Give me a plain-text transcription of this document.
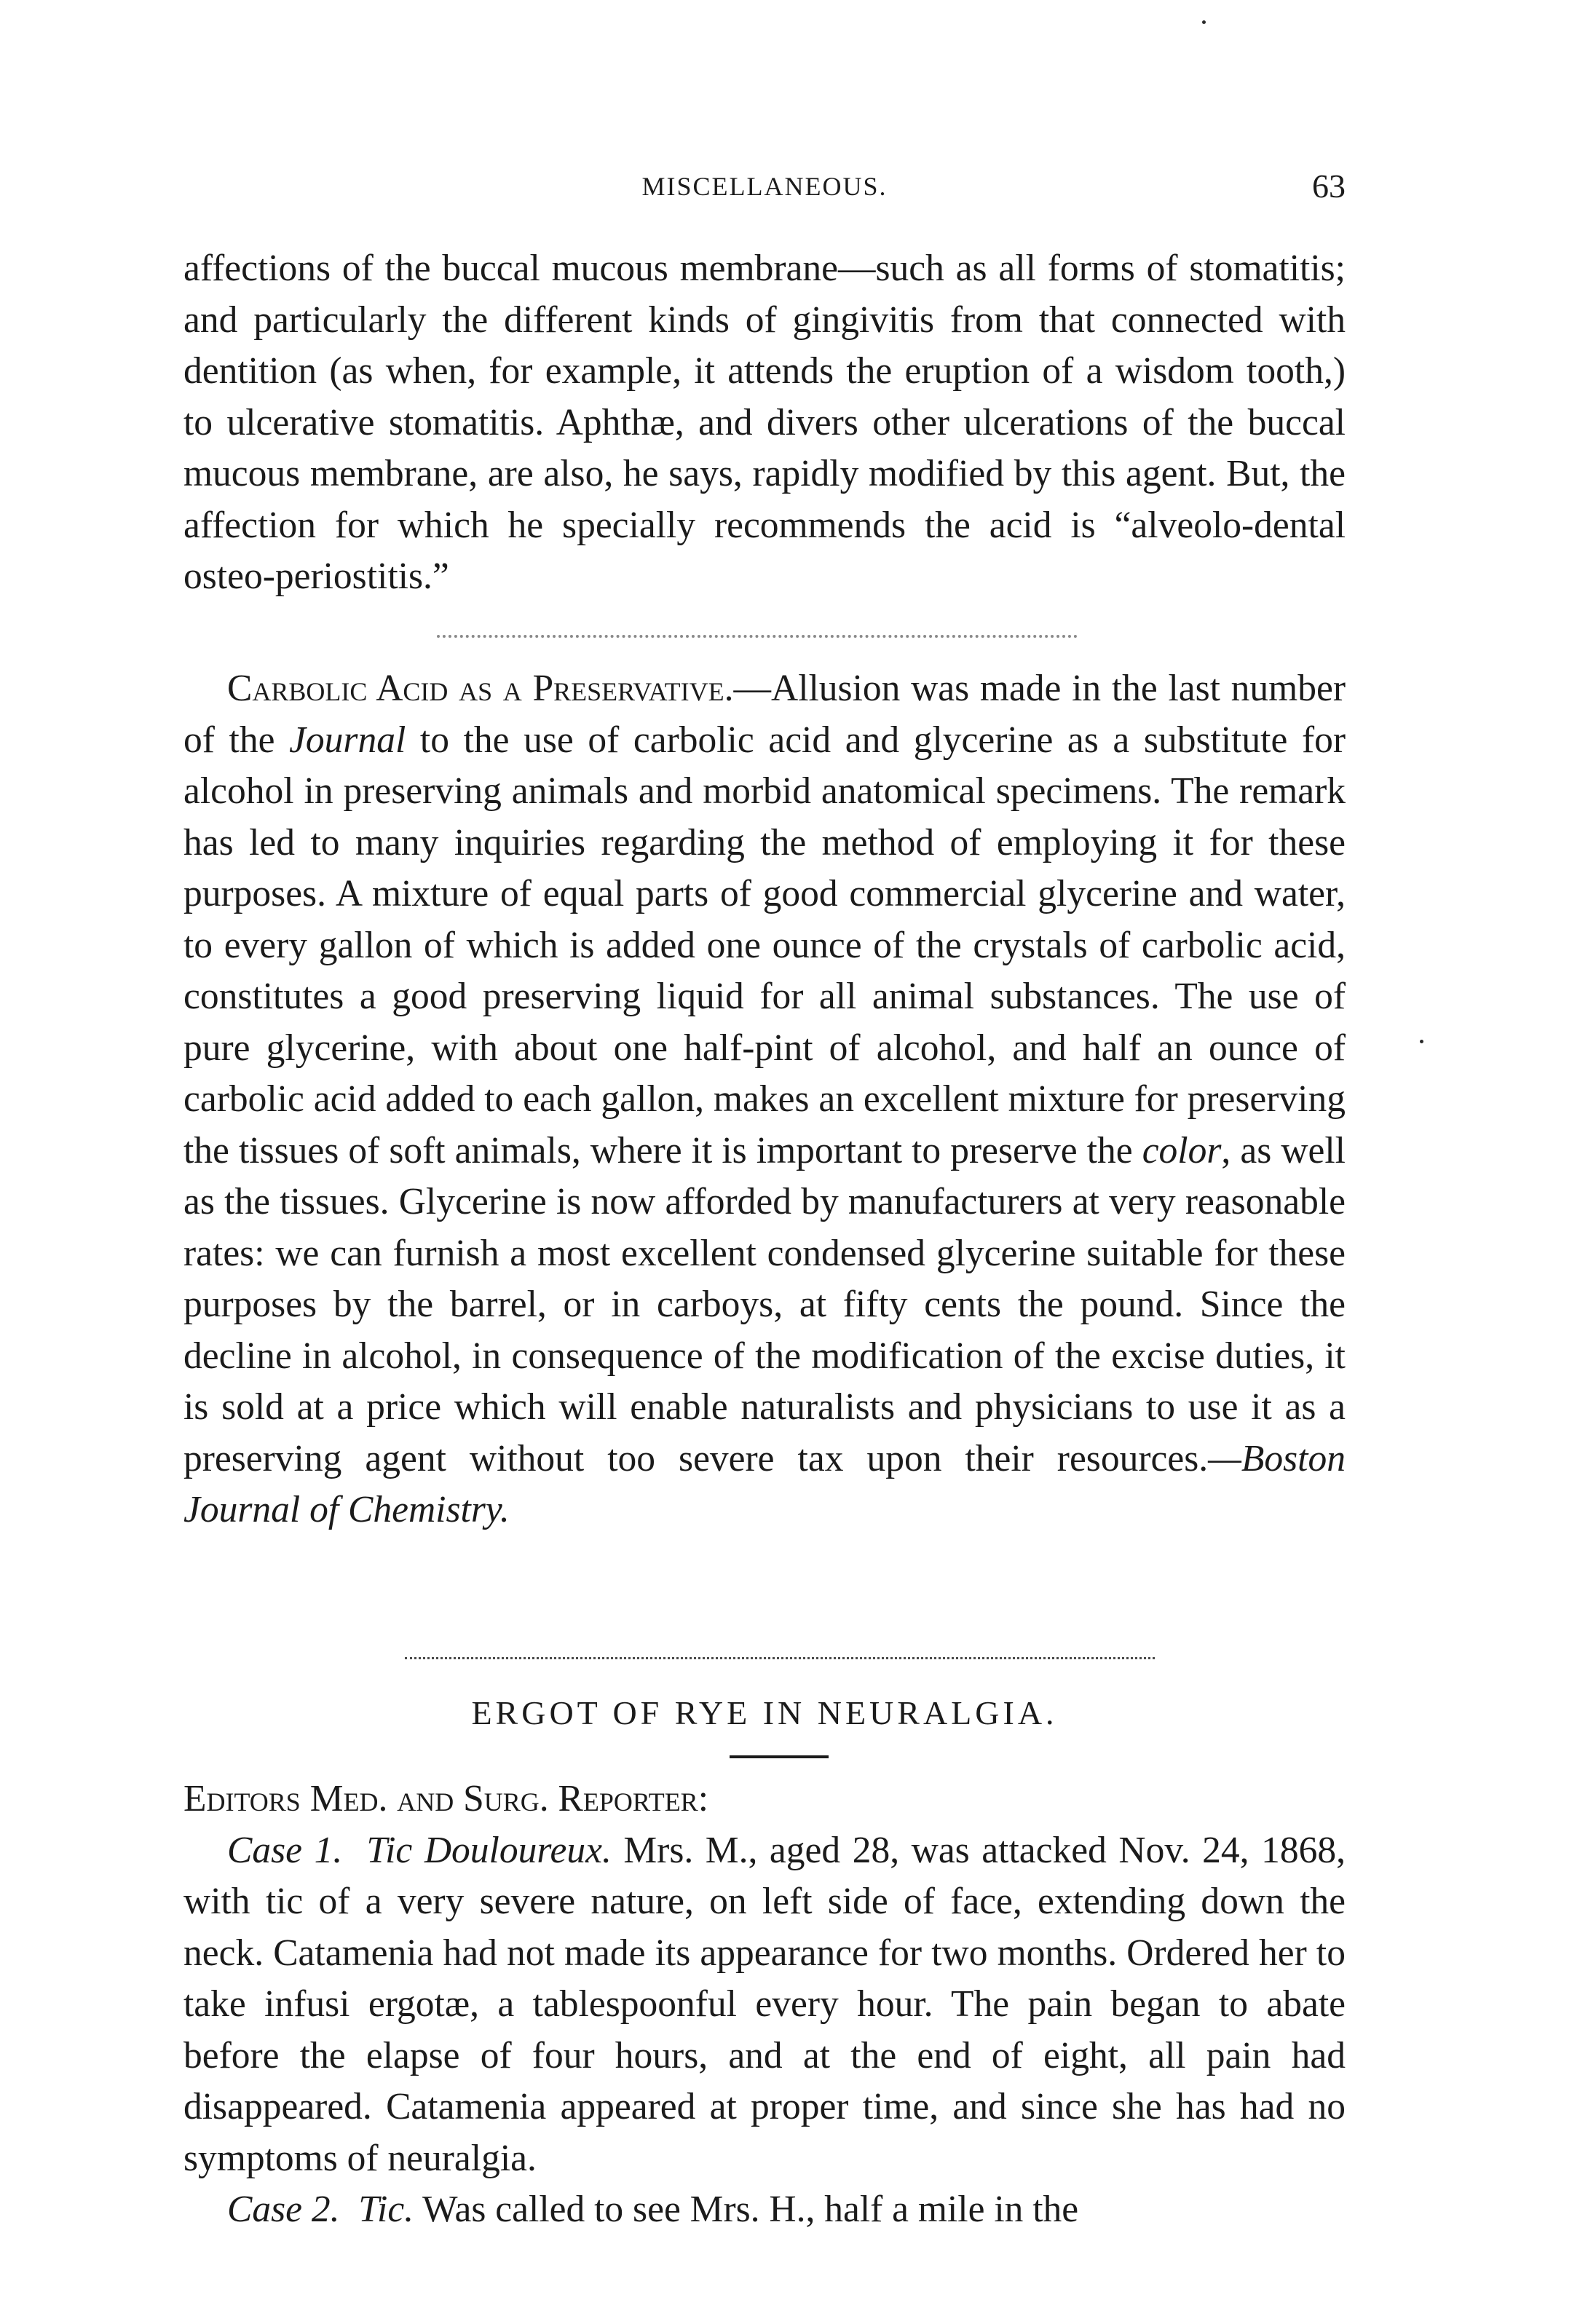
MISCELLANEOUS.	63

affections of the buccal mucous membrane—such as all forms of stomatitis; and particularly the different kinds of gingivitis from that connected with dentition (as when, for example, it attends the eruption of a wisdom tooth,) to ulcerative stomatitis. Aphthæ, and divers other ulcerations of the buccal mucous membrane, are also, he says, rapidly modified by this agent. But, the affection for which he specially recommends the acid is “alveolo-dental osteo-periostitis.”

Carbolic Acid as a Preservative.—Allusion was made in the last number of the Journal to the use of carbolic acid and glycerine as a substitute for alcohol in preserving animals and morbid anatomical specimens. The remark has led to many inquiries regarding the method of employing it for these purposes. A mixture of equal parts of good commercial glycerine and water, to every gallon of which is added one ounce of the crystals of carbolic acid, constitutes a good preserving liquid for all animal substances. The use of pure glycerine, with about one half-pint of alcohol, and half an ounce of carbolic acid added to each gallon, makes an excellent mixture for preserving the tissues of soft animals, where it is important to preserve the color, as well as the tissues. Glycerine is now afforded by manufacturers at very reasonable rates: we can furnish a most excellent condensed glycerine suitable for these purposes by the barrel, or in carboys, at fifty cents the pound. Since the decline in alcohol, in consequence of the modification of the excise duties, it is sold at a price which will enable naturalists and physicians to use it as a preserving agent without too severe tax upon their resources.—Boston Journal of Chemistry.

ERGOT OF RYE IN NEURALGIA.

Editors Med. and Surg. Reporter:

Case 1. Tic Douloureux. Mrs. M., aged 28, was attacked Nov. 24, 1868, with tic of a very severe nature, on left side of face, extending down the neck. Catamenia had not made its appearance for two months. Ordered her to take infusi ergotæ, a tablespoonful every hour. The pain began to abate before the elapse of four hours, and at the end of eight, all pain had disappeared. Catamenia appeared at proper time, and since she has had no symptoms of neuralgia.

Case 2. Tic. Was called to see Mrs. H., half a mile in the
